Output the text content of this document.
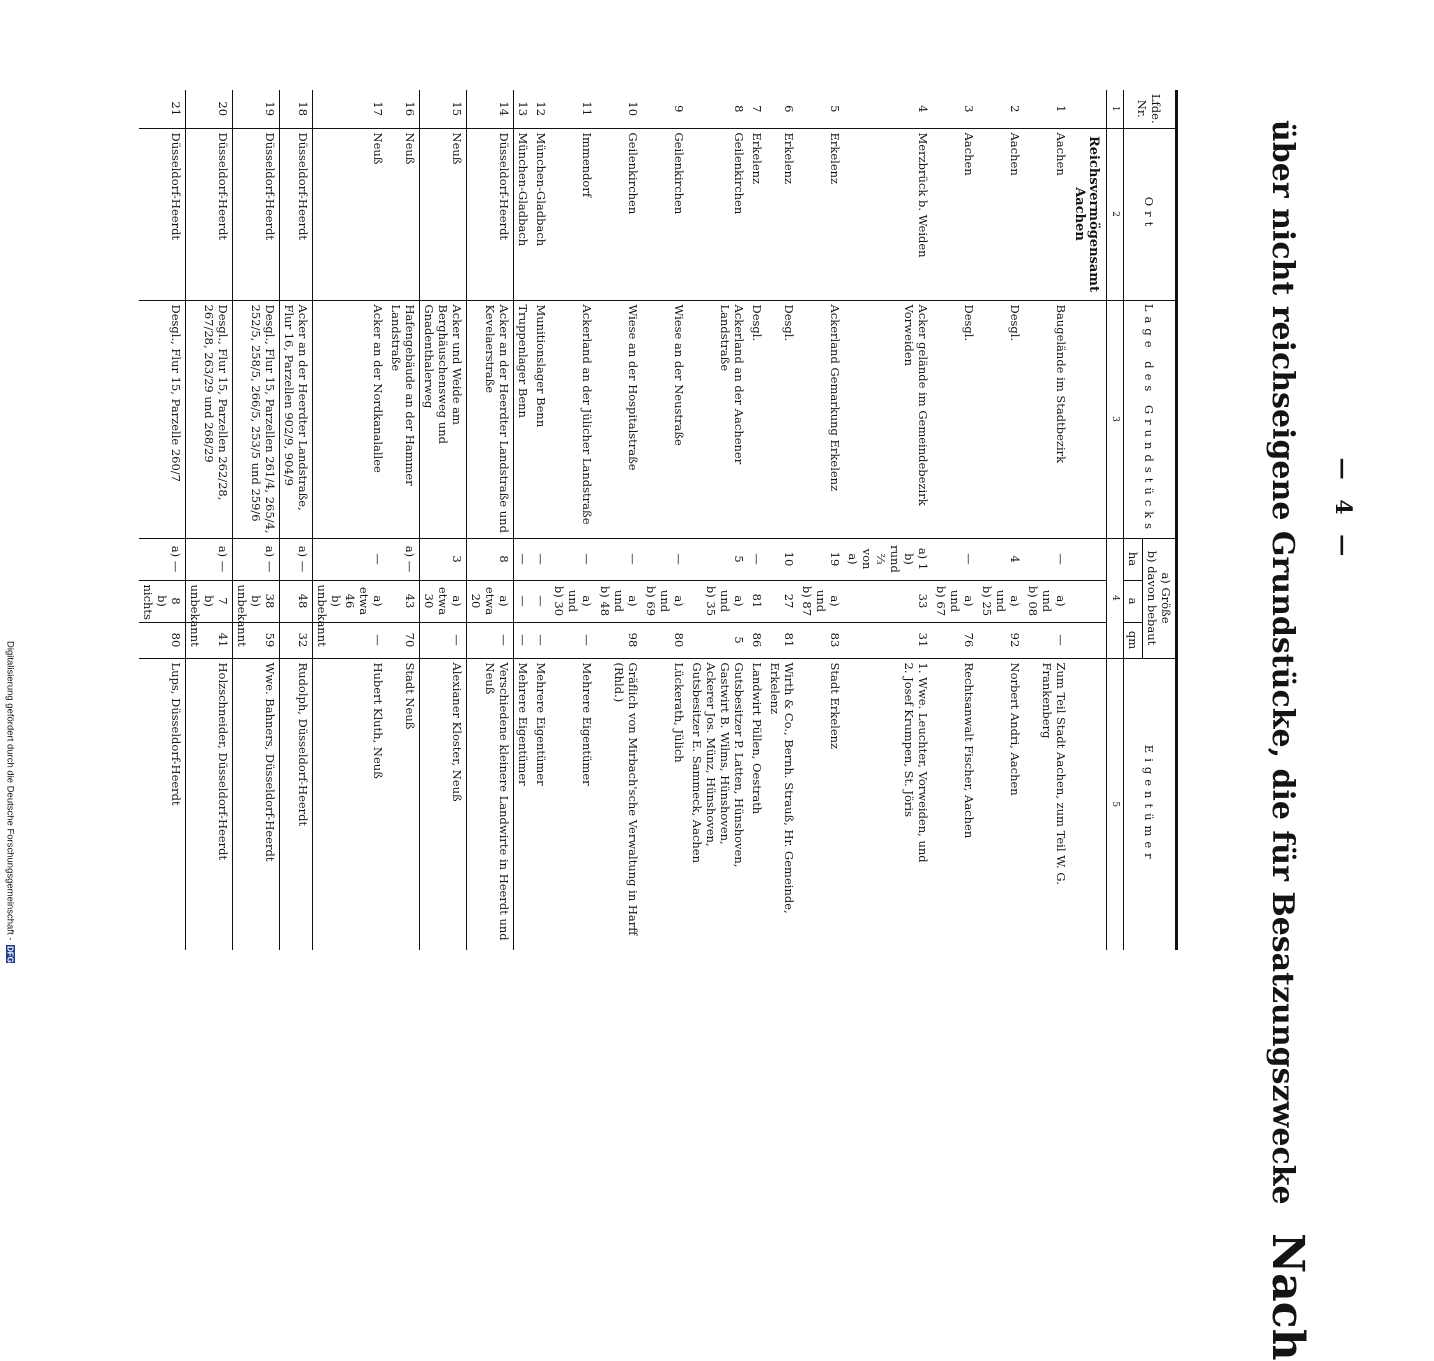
Digitalisierung gefördert durch die Deutsche Forschungsgemeinschaft - DFG
— 4 —
über nicht reichseigene Grundstücke, die für Besatzungszwecke Nach
Lfde. Nr.	Ort	Lage des Grundstücks	a) Größe
b) davon bebaut			Eigentümer
			ha	a	qm	
1	2	3	4			5
	Reichsvermögensamt Aachen					
1	Aachen	Baugelände im Stadtbezirk	—	a) und b) 08	—	Zum Teil Stadt Aachen, zum Teil W. G. Frankenberg
2	Aachen	Desgl.	4	a) und b) 25	92	Norbert Andri, Aachen
3	Aachen	Desgl.	—	a) und b) 67	76	Rechtsanwalt Fischer, Aachen
4	Merzbrück b. Weiden	Acker gelände im Gemeindebezirk Vorweiden	a) 1
b) rund ⅔ von a)	33	31	1. Wwe. Leuchter, Vorweiden, und
2. Josef Krumpen, St. Jöris
5	Erkelenz	Ackerland Gemarkung Erkelenz	19	a) und b) 87	83	Stadt Erkelenz
6	Erkelenz	Desgl.	10	27	81	Wirth & Co., Bernh. Strauß, Hr. Gemeinde, Erkelenz
7	Erkelenz	Desgl.	—	81	86	Landwirt Püllen, Oestrath
8	Geilenkirchen	Ackerland an der Aachener Landstraße	5	a) und b) 35	5	Gutsbesitzer P. Latten, Hünshoven,
Gastwirt B. Wilms, Hünshoven,
Ackerer Jos. Münz, Hünshoven,
Gutsbesitzer E. Sammeck, Aachen
9	Geilenkirchen	Wiese an der Neustraße	—	a) und b) 69	80	Lückerath, Jülich
10	Geilenkirchen	Wiese an der Hospitalstraße	—	a) und b) 48	98	Gräflich von Mirbach'sche Verwaltung in Harff (Rhld.)
11	Immendorf	Ackerland an der Jülicher Landstraße	—	a) und b) 30	—	Mehrere Eigentümer
12	München-Gladbach	Munitionslager Benn	—	—	—	Mehrere Eigentümer
13	München-Gladbach	Truppenlager Benn	—	—	—	Mehrere Eigentümer
14	Düsseldorf-Heerdt	Acker an der Heerdter Landstraße und Kevelaerstraße	8	a) etwa 20	—	Verschiedene kleinere Landwirte in Heerdt und Neuß
15	Neuß	Acker und Weide am Berghäuschensweg und Gnadenthalerweg	3	a) etwa 30	—	Alexianer Kloster, Neuß
16	Neuß	Hafengebäude an der Hammer Landstraße	a) —	43	70	Stadt Neuß
17	Neuß	Acker an der Nordkanalallee	—	a) etwa 46
b) unbekannt	—	Hubert Kluth, Neuß
18	Düsseldorf-Heerdt	Acker an der Heerdter Landstraße, Flur 16, Parzellen 902/9, 904/9	a) —	48	32	Rudolph, Düsseldorf-Heerdt
19	Düsseldorf-Heerdt	Desgl., Flur 15, Parzellen 261/4, 265/4, 252/5, 258/5, 266/5, 253/5 und 259/6	a) —	38
b) unbekannt	59	Wwe. Bahners, Düsseldorf-Heerdt
20	Düsseldorf-Heerdt	Desgl., Flur 15, Parzellen 262/28, 267/28, 263/29 und 268/29	a) —	7
b) unbekannt	41	Holzschneider, Düsseldorf-Heerdt
21	Düsseldorf-Heerdt	Desgl., Flur 15, Parzelle 260/7	a) —	8
b) nichts	80	Lups, Düsseldorf-Heerdt
